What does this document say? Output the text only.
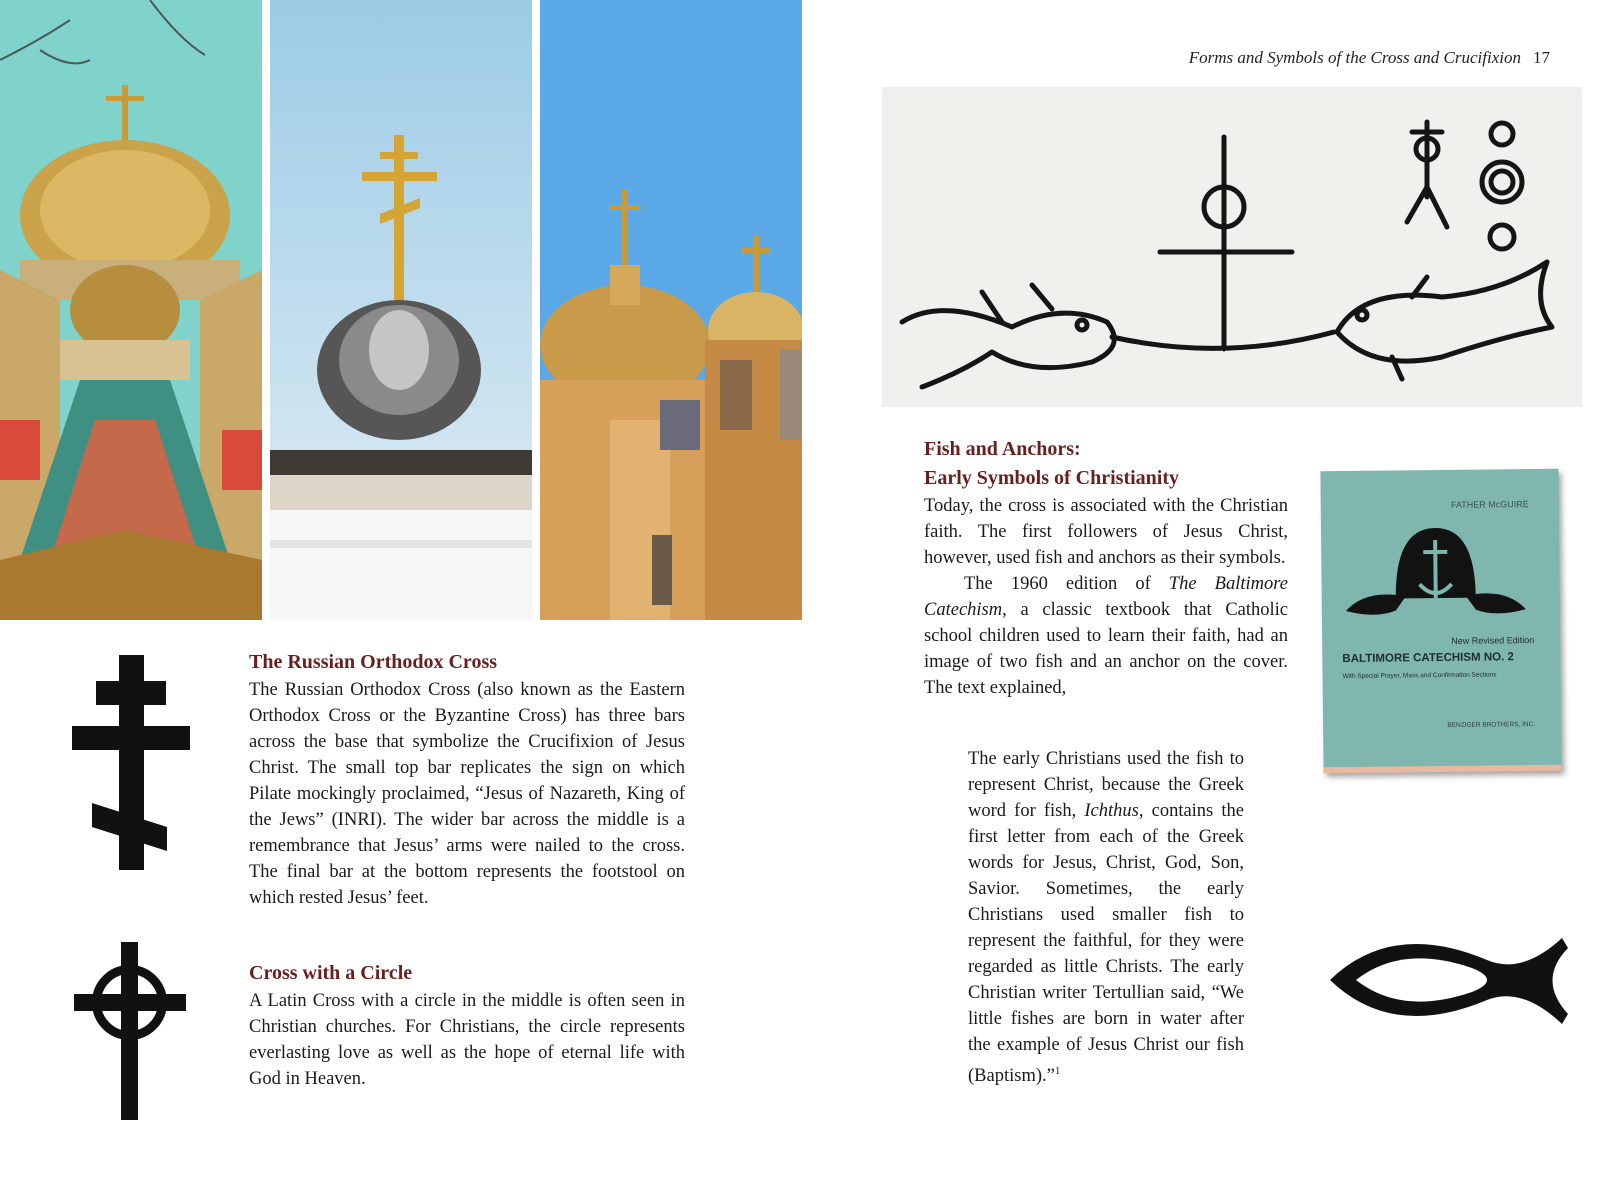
The Russian Orthodox Cross

The Russian Orthodox Cross (also known as the Eastern Orthodox Cross or the Byzantine Cross) has three bars across the base that symbolize the Crucifixion of Jesus Christ. The small top bar replicates the sign on which Pilate mockingly proclaimed, “Jesus of Nazareth, King of the Jews” (INRI). The wider bar across the middle is a remembrance that Jesus’ arms were nailed to the cross. The final bar at the bottom represents the footstool on which rested Jesus’ feet.

Cross with a Circle

A Latin Cross with a circle in the middle is often seen in Christian churches. For Christians, the circle represents everlasting love as well as the hope of eternal life with God in Heaven.

Forms and Symbols of the Cross and Crucifixion 17
Fish and Anchors:
Early Symbols of Christianity

Today, the cross is associated with the Christian faith. The first followers of Jesus Christ, however, used fish and anchors as their symbols.

The 1960 edition of The Baltimore Catechism, a classic textbook that Catholic school children used to learn their faith, had an image of two fish and an anchor on the cover. The text explained,

The early Christians used the fish to represent Christ, because the Greek word for fish, Ichthus, contains the first letter from each of the Greek words for Jesus, Christ, God, Son, Savior. Sometimes, the early Christians used smaller fish to represent the faithful, for they were regarded as little Christs. The early Christian writer Tertullian said, “We little fishes are born in water after the example of Jesus Christ our fish (Baptism).”$^1$

FATHER McGUIRE
New Revised Edition
BALTIMORE CATECHISM NO. 2
With Special Prayer, Mass and Confirmation Sections
BENZIGER BROTHERS, INC.
